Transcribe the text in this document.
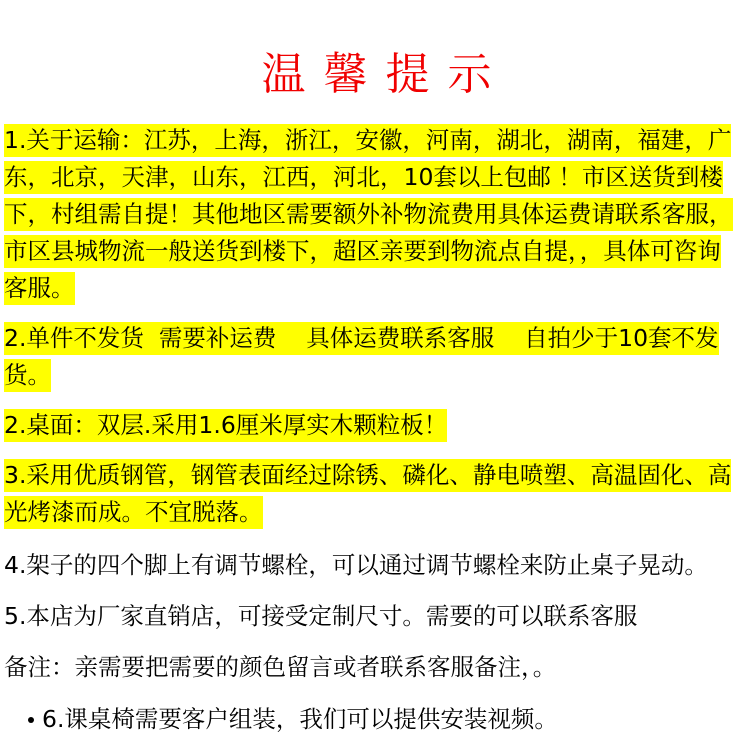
温 馨 提 示
1.关于运输：江苏，上海，浙江，安徽，河南，湖北，湖南，福建，广
东，北京，天津，山东，江西，河北，10套以上包邮 ！市区送货到楼
下，村组需自提！其他地区需要额外补物流费用具体运费请联系客服，
市区县城物流一般送货到楼下，超区亲要到物流点自提，，具体可咨询
客服。
2.单件不发货  需要补运费    具体运费联系客服    自拍少于10套不发
货。
2.桌面：双层.采用1.6厘米厚实木颗粒板！
3.采用优质钢管，钢管表面经过除锈、磷化、静电喷塑、高温固化、高
光烤漆而成。不宜脱落。
4.架子的四个脚上有调节螺栓，可以通过调节螺栓来防止桌子晃动。
5.本店为厂家直销店，可接受定制尺寸。需要的可以联系客服
备注：亲需要把需要的颜色留言或者联系客服备注，。
6.课桌椅需要客户组装，我们可以提供安装视频。
